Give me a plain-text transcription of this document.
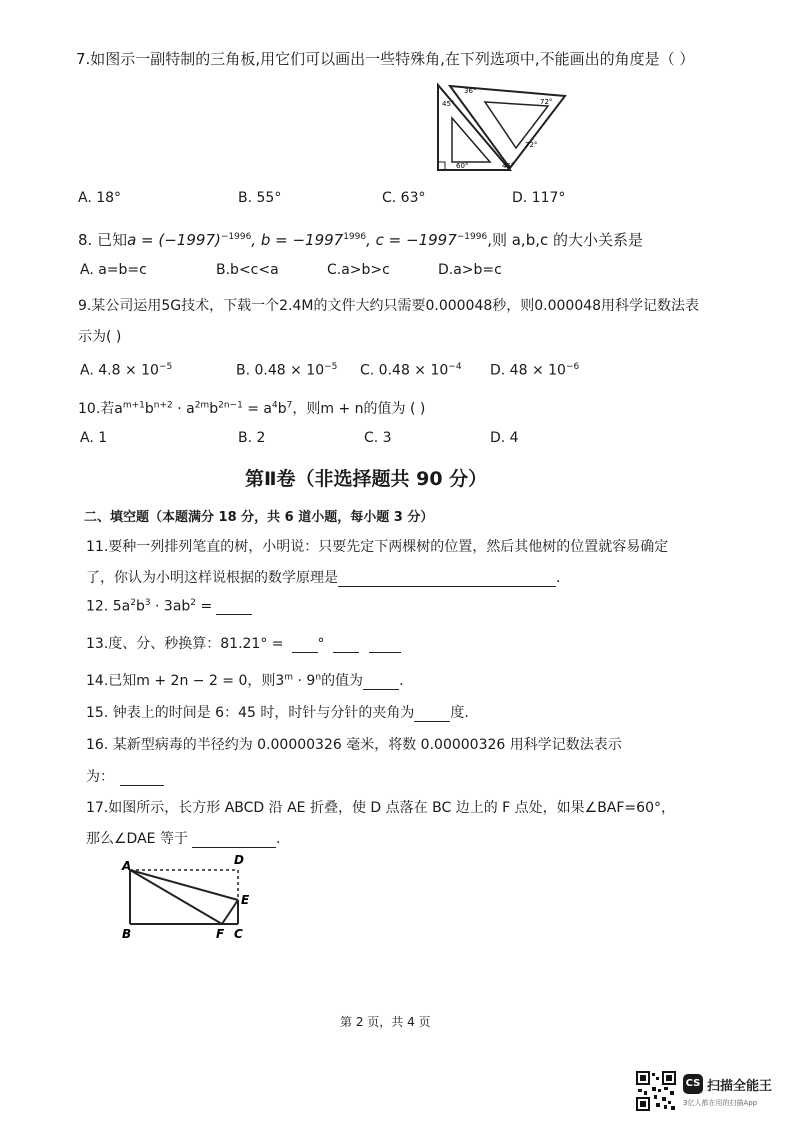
7.如图示一副特制的三角板,用它们可以画出一些特殊角,在下列选项中,不能画出的角度是（ ）
36°
45°	72°
72°
60°	45°
A. 18°	B. 55°	C. 63°	D. 117°
8. 已知$a = (-1997)^{-1996}$, $b = -1997^{1996}$, $c = -1997^{-1996}$,则 a,b,c 的大小关系是
A. a=b=c	B.b<c<a	C.a>b>c	D.a>b=c
9.某公司运用5G技术，下载一个2.4M的文件大约只需要0.000048秒，则0.000048用科学记数法表
示为( )
A. $4.8 \times 10^{-5}$	B. $0.48 \times 10^{-5}$ C. $0.48 \times 10^{-4}$ D. $48 \times 10^{-6}$
10.若$a^{m+1}b^{n+2} \cdot a^{2m}b^{2n-1} = a^4b^7$，则m + n的值为 ( )
A. 1	B. 2	C. 3	D. 4
第Ⅱ卷（非选择题共 90 分）
二、填空题（本题满分 18 分，共 6 道小题，每小题 3 分）
11.要种一列排列笔直的树，小明说：只要先定下两棵树的位置，然后其他树的位置就容易确定
了，你认为小明这样说根据的数学原理是	.
12. $5a^2b^3 \cdot 3ab^2$ =
13.度、分、秒换算：81.21° = °
14.已知m + 2n − 2 = 0，则$3^m \cdot 9^n$的值为	.
15. 钟表上的时间是 6：45 时，时针与分针的夹角为	度.
16. 某新型病毒的半径约为 0.00000326 毫米，将数 0.00000326 用科学记数法表示
为：
17.如图所示，长方形 ABCD 沿 AE 折叠，使 D 点落在 BC 边上的 F 点处，如果∠BAF=60°，
那么∠DAE 等于	.
A	D
E
B	F C
第 2 页，共 4 页
CS 扫描全能王
3亿人都在用的扫描App
